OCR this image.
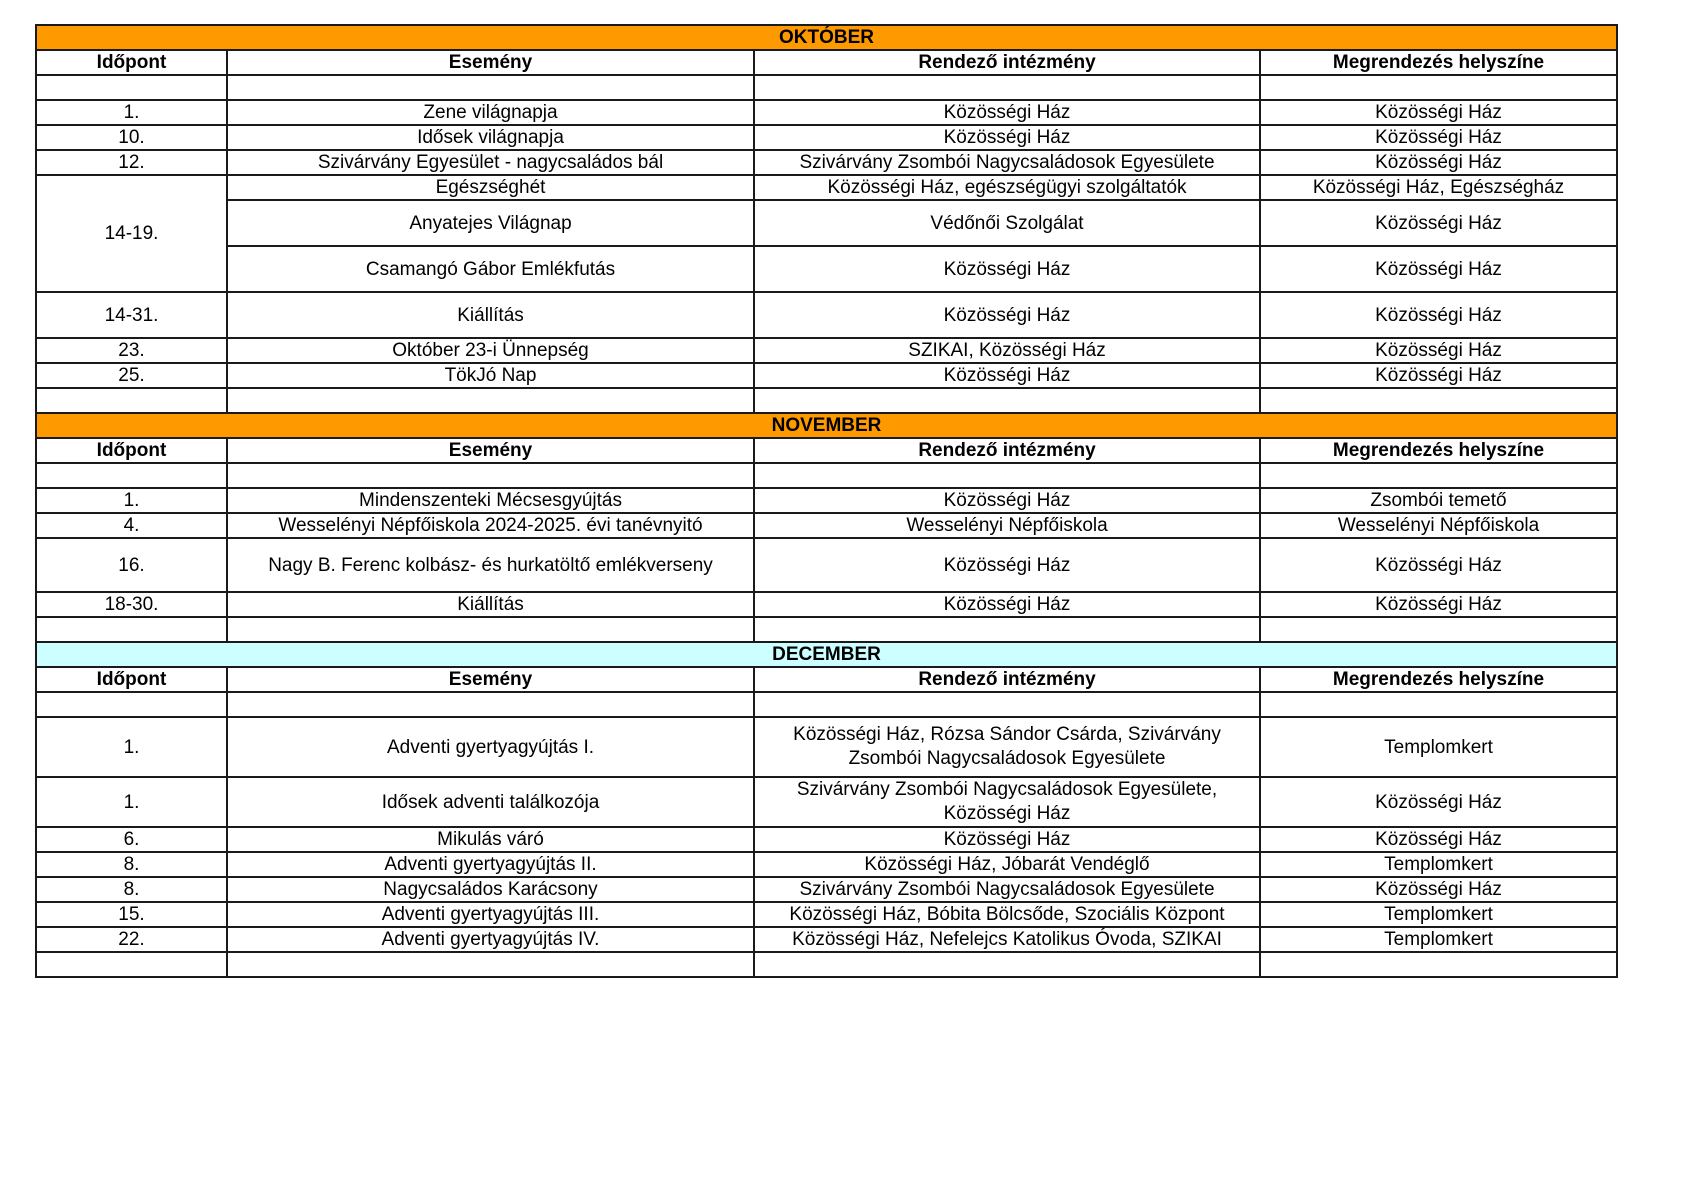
OKTÓBER			
Időpont	Esemény	Rendező intézmény	Megrendezés helyszíne

1.	Zene világnapja	Közösségi Ház	Közösségi Ház
10.	Idősek világnapja	Közösségi Ház	Közösségi Ház
12.	Szivárvány Egyesület - nagycsaládos bál	Szivárvány Zsombói Nagycsaládosok Egyesülete	Közösségi Ház
14-19.	Egészséghét	Közösségi Ház, egészségügyi szolgáltatók	Közösségi Ház, Egészségház
	Anyatejes Világnap	Védőnői Szolgálat	Közösségi Ház
	Csamangó Gábor Emlékfutás	Közösségi Ház	Közösségi Ház
14-31.	Kiállítás	Közösségi Ház	Közösségi Ház
23.	Október 23-i Ünnepség	SZIKAI, Közösségi Ház	Közösségi Ház
25.	TökJó Nap	Közösségi Ház	Közösségi Ház

NOVEMBER			
Időpont	Esemény	Rendező intézmény	Megrendezés helyszíne

1.	Mindenszenteki Mécsesgyújtás	Közösségi Ház	Zsombói temető
4.	Wesselényi Népfőiskola 2024-2025. évi tanévnyitó	Wesselényi Népfőiskola	Wesselényi Népfőiskola
16.	Nagy B. Ferenc kolbász- és hurkatöltő emlékverseny	Közösségi Ház	Közösségi Ház
18-30.	Kiállítás	Közösségi Ház	Közösségi Ház

DECEMBER			
Időpont	Esemény	Rendező intézmény	Megrendezés helyszíne

1.	Adventi gyertyagyújtás I.	Közösségi Ház, Rózsa Sándor Csárda, Szivárvány Zsombói Nagycsaládosok Egyesülete	Templomkert
1.	Idősek adventi találkozója	Szivárvány Zsombói Nagycsaládosok Egyesülete, Közösségi Ház	Közösségi Ház
6.	Mikulás váró	Közösségi Ház	Közösségi Ház
8.	Adventi gyertyagyújtás II.	Közösségi Ház, Jóbarát Vendéglő	Templomkert
8.	Nagycsaládos Karácsony	Szivárvány Zsombói Nagycsaládosok Egyesülete	Közösségi Ház
15.	Adventi gyertyagyújtás III.	Közösségi Ház, Bóbita Bölcsőde, Szociális Központ	Templomkert
22.	Adventi gyertyagyújtás IV.	Közösségi Ház, Nefelejcs Katolikus Óvoda, SZIKAI	Templomkert
